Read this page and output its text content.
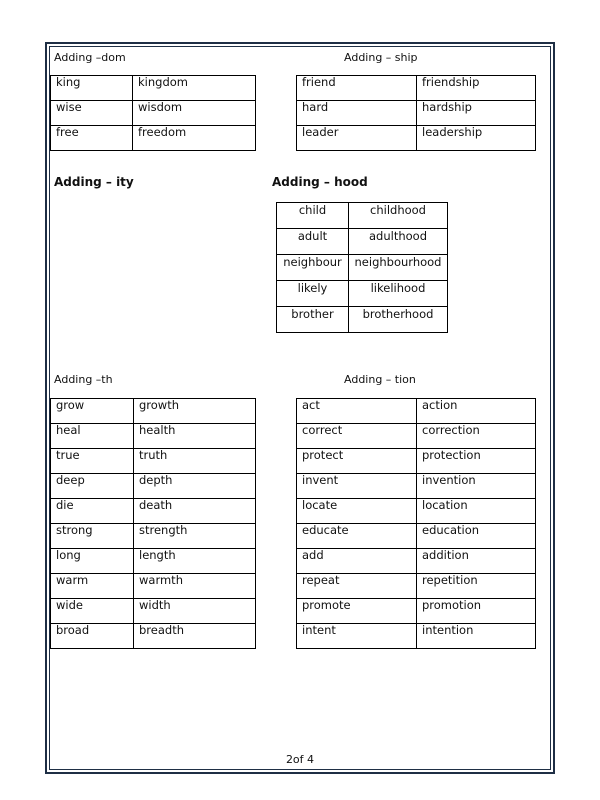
Adding –dom
king	kingdom
wise	wisdom
free	freedom
Adding – ship
friend	friendship
hard	hardship
leader	leadership
Adding – ity	Adding – hood
child	childhood
adult	adulthood
neighbour	neighbourhood
likely	likelihood
brother	brotherhood
Adding –th
grow	growth
heal	health
true	truth
deep	depth
die	death
strong	strength
long	length
warm	warmth
wide	width
broad	breadth
Adding – tion
act	action
correct	correction
protect	protection
invent	invention
locate	location
educate	education
add	addition
repeat	repetition
promote	promotion
intent	intention
2of 4
